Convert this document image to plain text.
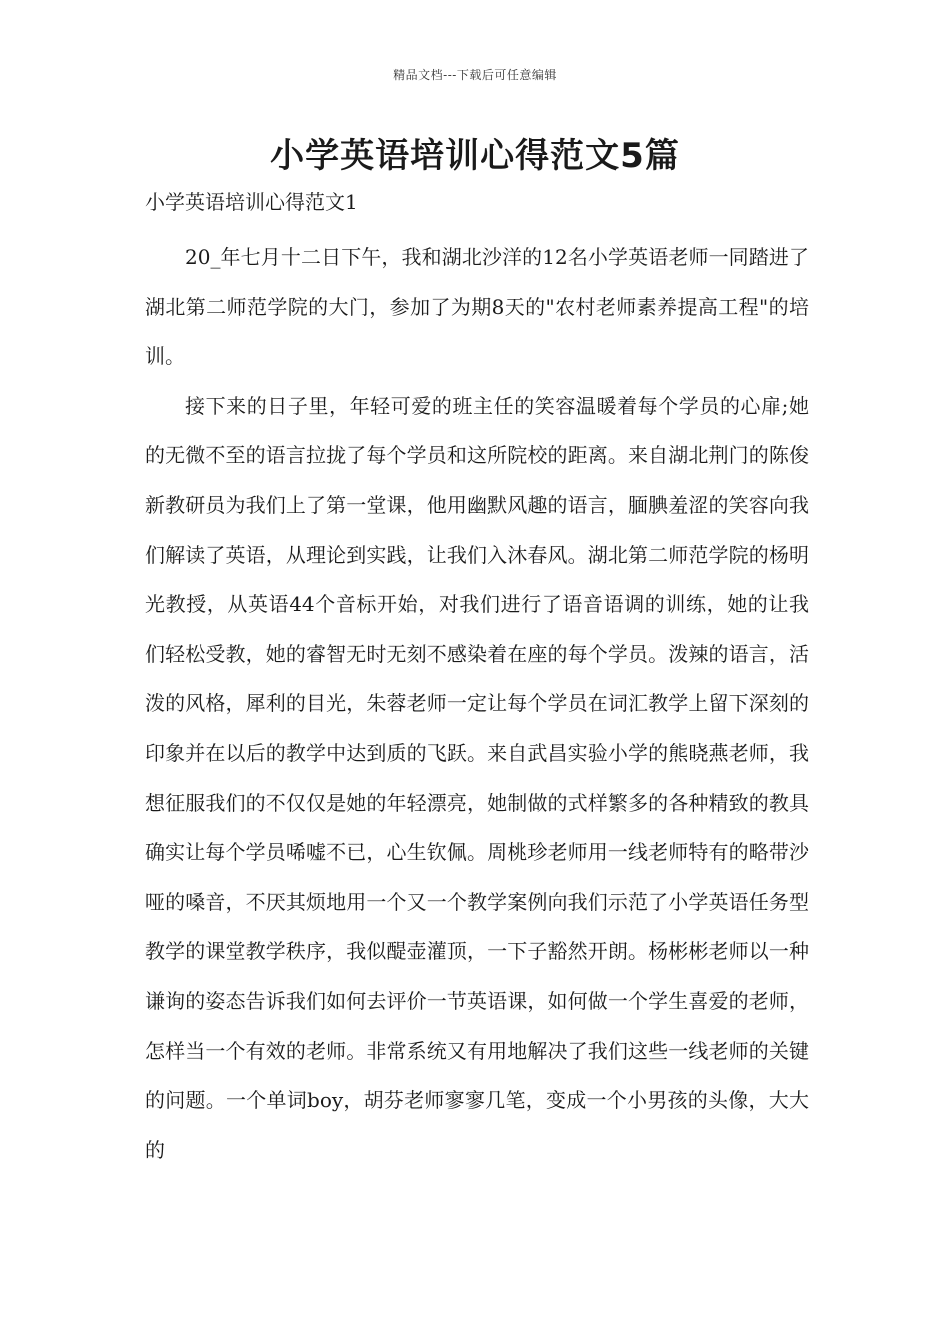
精品文档---下载后可任意编辑
小学英语培训心得范文5篇
小学英语培训心得范文1

20_年七月十二日下午，我和湖北沙洋的12名小学英语老师一同踏进了湖北第二师范学院的大门，参加了为期8天的"农村老师素养提高工程"的培训。

接下来的日子里，年轻可爱的班主任的笑容温暖着每个学员的心扉;她的无微不至的语言拉拢了每个学员和这所院校的距离。来自湖北荆门的陈俊新教研员为我们上了第一堂课，他用幽默风趣的语言，腼腆羞涩的笑容向我们解读了英语，从理论到实践，让我们入沐春风。湖北第二师范学院的杨明光教授，从英语44个音标开始，对我们进行了语音语调的训练，她的让我们轻松受教，她的睿智无时无刻不感染着在座的每个学员。泼辣的语言，活泼的风格，犀利的目光，朱蓉老师一定让每个学员在词汇教学上留下深刻的印象并在以后的教学中达到质的飞跃。来自武昌实验小学的熊晓燕老师，我想征服我们的不仅仅是她的年轻漂亮，她制做的式样繁多的各种精致的教具确实让每个学员唏嘘不已，心生钦佩。周桃珍老师用一线老师特有的略带沙哑的嗓音，不厌其烦地用一个又一个教学案例向我们示范了小学英语任务型教学的课堂教学秩序，我似醍壶灌顶，一下子豁然开朗。杨彬彬老师以一种谦询的姿态告诉我们如何去评价一节英语课，如何做一个学生喜爱的老师，怎样当一个有效的老师。非常系统又有用地解决了我们这些一线老师的关键的问题。一个单词boy，胡芬老师寥寥几笔，变成一个小男孩的头像，大大的
